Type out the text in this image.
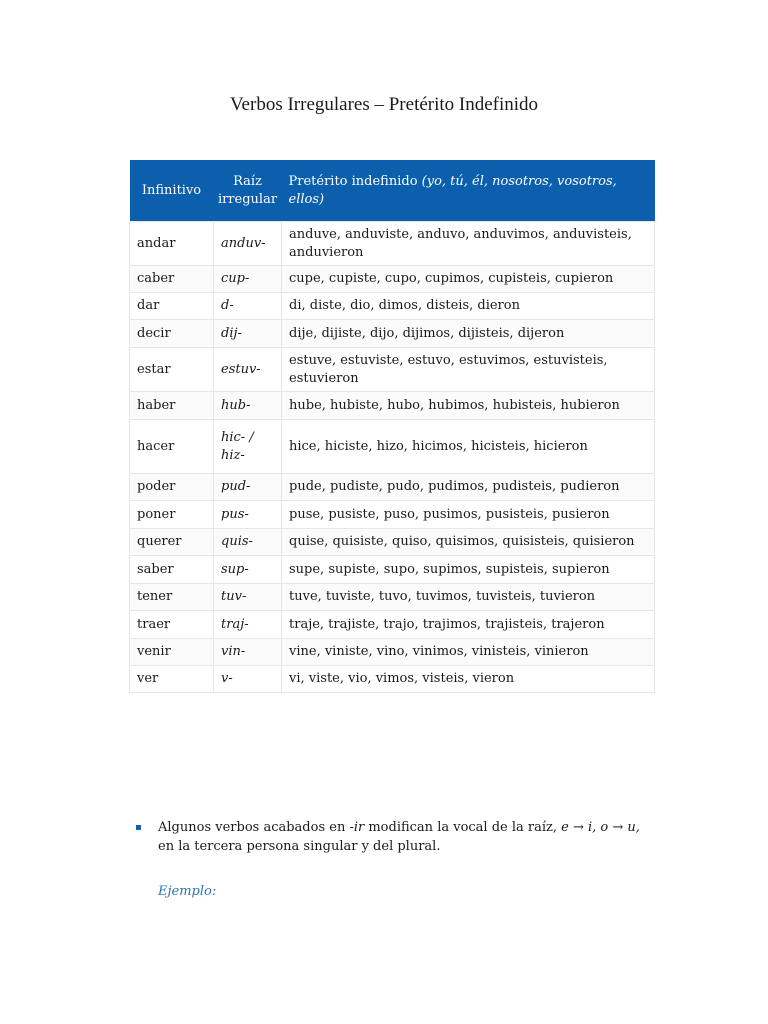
Verbos Irregulares – Pretérito Indefinido
Infinitivo	Raíz irregular	Pretérito indefinido (yo, tú, él, nosotros, vosotros, ellos)
andar	anduv-	anduve, anduviste, anduvo, anduvimos, anduvisteis, anduvieron
caber	cup-	cupe, cupiste, cupo, cupimos, cupisteis, cupieron
dar	d-	di, diste, dio, dimos, disteis, dieron
decir	dij-	dije, dijiste, dijo, dijimos, dijisteis, dijeron
estar	estuv-	estuve, estuviste, estuvo, estuvimos, estuvisteis, estuvieron
haber	hub-	hube, hubiste, hubo, hubimos, hubisteis, hubieron
hacer	hic- / hiz-	hice, hiciste, hizo, hicimos, hicisteis, hicieron
poder	pud-	pude, pudiste, pudo, pudimos, pudisteis, pudieron
poner	pus-	puse, pusiste, puso, pusimos, pusisteis, pusieron
querer	quis-	quise, quisiste, quiso, quisimos, quisisteis, quisieron
saber	sup-	supe, supiste, supo, supimos, supisteis, supieron
tener	tuv-	tuve, tuviste, tuvo, tuvimos, tuvisteis, tuvieron
traer	traj-	traje, trajiste, trajo, trajimos, trajisteis, trajeron
venir	vin-	vine, viniste, vino, vinimos, vinisteis, vinieron
ver	v-	vi, viste, vio, vimos, visteis, vieron
▪ Algunos verbos acabados en -ir modifican la vocal de la raíz, e → i, o → u, en la tercera persona singular y del plural.
Ejemplo:
